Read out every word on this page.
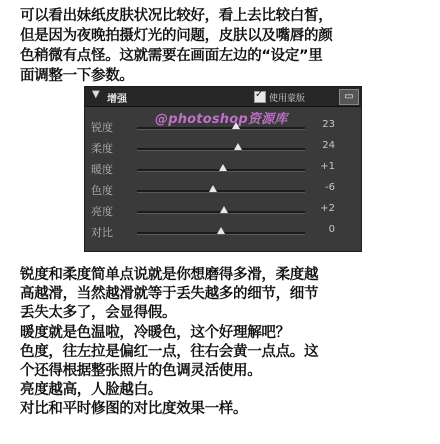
可以看出妹纸皮肤状况比较好，看上去比较白皙，
但是因为夜晚拍摄灯光的问题，皮肤以及嘴唇的颜
色稍微有点怪。这就需要在画面左边的“设定”里
面调整一下参数。
▼ 增强	✓ 使用蒙版	▭
@photoshop资源库
锐度	23
柔度	24
暖度	+1
色度	-6
亮度	+2
对比	0
锐度和柔度简单点说就是你想磨得多滑，柔度越
高越滑，当然越滑就等于丢失越多的细节，细节
丢失太多了，会显得假。
暖度就是色温啦，冷暖色，这个好理解吧？
色度，往左拉是偏红一点，往右会黄一点点。这
个还得根据整张照片的色调灵活使用。
亮度越高，人脸越白。
对比和平时修图的对比度效果一样。
